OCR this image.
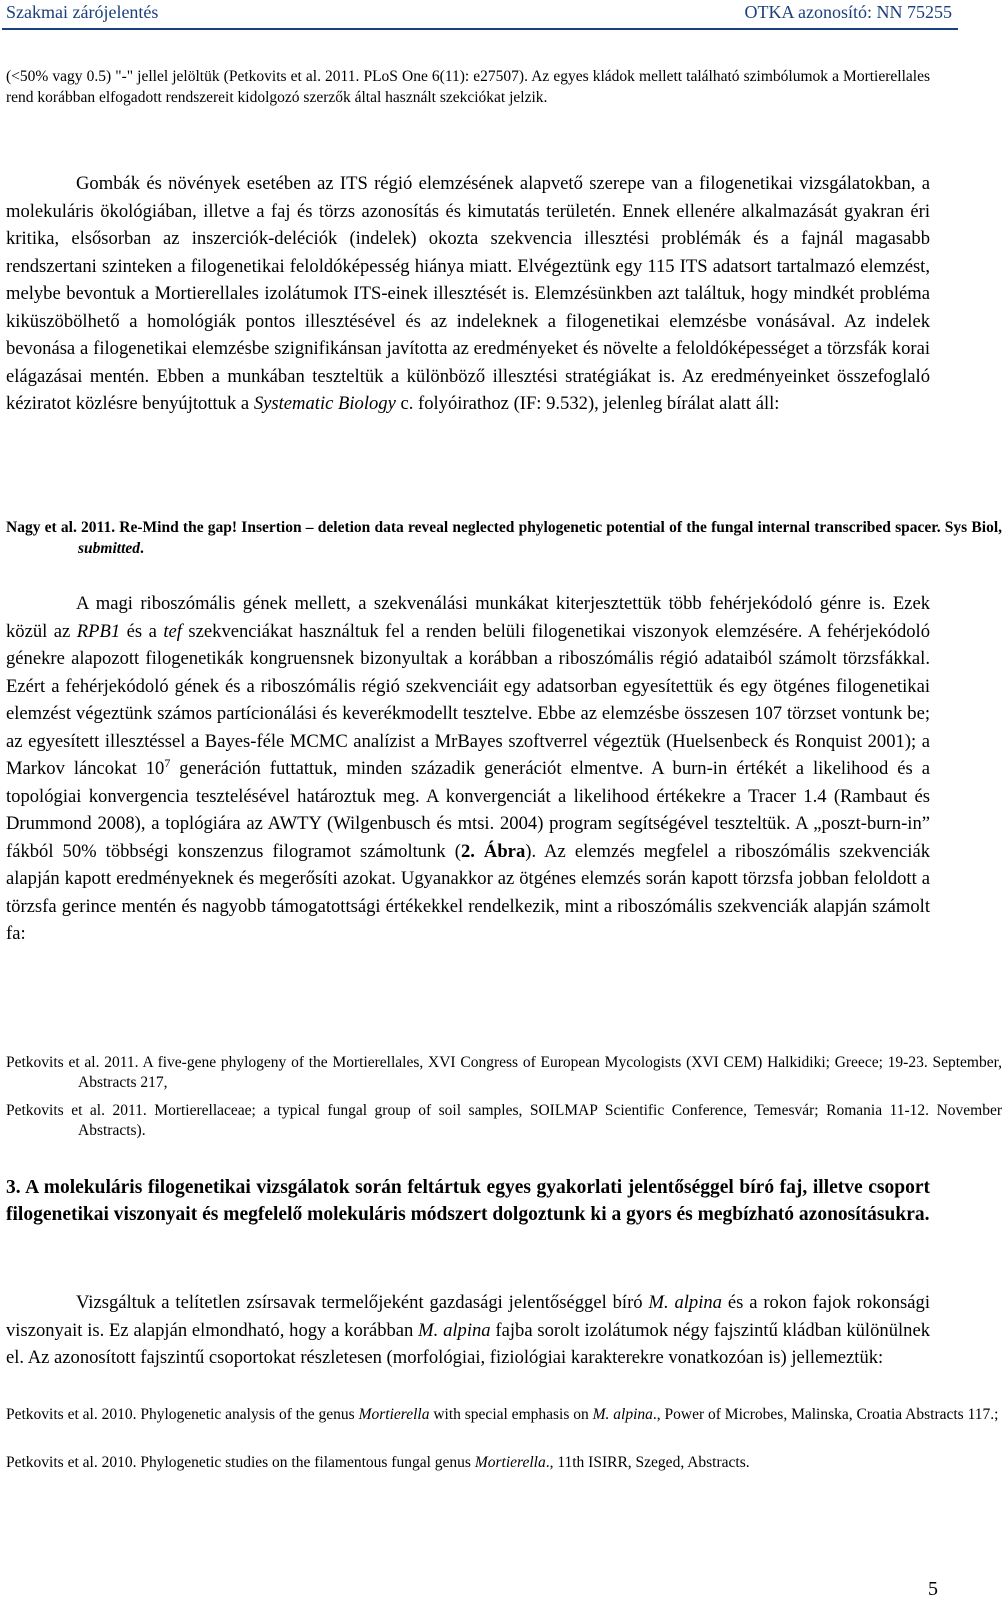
Szakmai zárójelentés	OTKA azonosító: NN 75255

(<50% vagy 0.5) "-" jellel jelöltük (Petkovits et al. 2011. PLoS One 6(11): e27507). Az egyes kládok mellett található szimbólumok a Mortierellales rend korábban elfogadott rendszereit kidolgozó szerzők által használt szekciókat jelzik.

Gombák és növények esetében az ITS régió elemzésének alapvető szerepe van a filogenetikai vizsgálatokban, a molekuláris ökológiában, illetve a faj és törzs azonosítás és kimutatás területén. Ennek ellenére alkalmazását gyakran éri kritika, elsősorban az inszerciók-deléciók (indelek) okozta szekvencia illesztési problémák és a fajnál magasabb rendszertani szinteken a filogenetikai feloldóképesség hiánya miatt. Elvégeztünk egy 115 ITS adatsort tartalmazó elemzést, melybe bevontuk a Mortierellales izolátumok ITS-einek illesztését is. Elemzésünkben azt találtuk, hogy mindkét probléma kiküszöbölhető a homológiák pontos illesztésével és az indeleknek a filogenetikai elemzésbe vonásával. Az indelek bevonása a filogenetikai elemzésbe szignifikánsan javította az eredményeket és növelte a feloldóképességet a törzsfák korai elágazásai mentén. Ebben a munkában teszteltük a különböző illesztési stratégiákat is. Az eredményeinket összefoglaló kéziratot közlésre benyújtottuk a Systematic Biology c. folyóirathoz (IF: 9.532), jelenleg bírálat alatt áll:

Nagy et al. 2011. Re-Mind the gap! Insertion – deletion data reveal neglected phylogenetic potential of the fungal internal transcribed spacer. Sys Biol, submitted.

A magi riboszómális gének mellett, a szekvenálási munkákat kiterjesztettük több fehérjekódoló génre is. Ezek közül az RPB1 és a tef szekvenciákat használtuk fel a renden belüli filogenetikai viszonyok elemzésére. A fehérjekódoló génekre alapozott filogenetikák kongruensnek bizonyultak a korábban a riboszómális régió adataiból számolt törzsfákkal. Ezért a fehérjekódoló gének és a riboszómális régió szekvenciáit egy adatsorban egyesítettük és egy ötgénes filogenetikai elemzést végeztünk számos partícionálási és keverékmodellt tesztelve. Ebbe az elemzésbe összesen 107 törzset vontunk be; az egyesített illesztéssel a Bayes-féle MCMC analízist a MrBayes szoftverrel végeztük (Huelsenbeck és Ronquist 2001); a Markov láncokat $10^7$ generáción futtattuk, minden századik generációt elmentve. A burn-in értékét a likelihood és a topológiai konvergencia tesztelésével határoztuk meg. A konvergenciát a likelihood értékekre a Tracer 1.4 (Rambaut és Drummond 2008), a toplógiára az AWTY (Wilgenbusch és mtsi. 2004) program segítségével teszteltük. A „poszt-burn-in” fákból 50% többségi konszenzus filogramot számoltunk (2. Ábra). Az elemzés megfelel a riboszómális szekvenciák alapján kapott eredményeknek és megerősíti azokat. Ugyanakkor az ötgénes elemzés során kapott törzsfa jobban feloldott a törzsfa gerince mentén és nagyobb támogatottsági értékekkel rendelkezik, mint a riboszómális szekvenciák alapján számolt fa:

Petkovits et al. 2011. A five-gene phylogeny of the Mortierellales, XVI Congress of European Mycologists (XVI CEM) Halkidiki; Greece; 19-23. September, Abstracts 217,

Petkovits et al. 2011. Mortierellaceae; a typical fungal group of soil samples, SOILMAP Scientific Conference, Temesvár; Romania 11-12. November Abstracts).

3. A molekuláris filogenetikai vizsgálatok során feltártuk egyes gyakorlati jelentőséggel bíró faj, illetve csoport filogenetikai viszonyait és megfelelő molekuláris módszert dolgoztunk ki a gyors és megbízható azonosításukra.

Vizsgáltuk a telítetlen zsírsavak termelőjeként gazdasági jelentőséggel bíró M. alpina és a rokon fajok rokonsági viszonyait is. Ez alapján elmondható, hogy a korábban M. alpina fajba sorolt izolátumok négy fajszintű kládban különülnek el. Az azonosított fajszintű csoportokat részletesen (morfológiai, fiziológiai karakterekre vonatkozóan is) jellemeztük:

Petkovits et al. 2010. Phylogenetic analysis of the genus Mortierella with special emphasis on M. alpina., Power of Microbes, Malinska, Croatia Abstracts 117.;

Petkovits et al. 2010. Phylogenetic studies on the filamentous fungal genus Mortierella., 11th ISIRR, Szeged, Abstracts.

5
